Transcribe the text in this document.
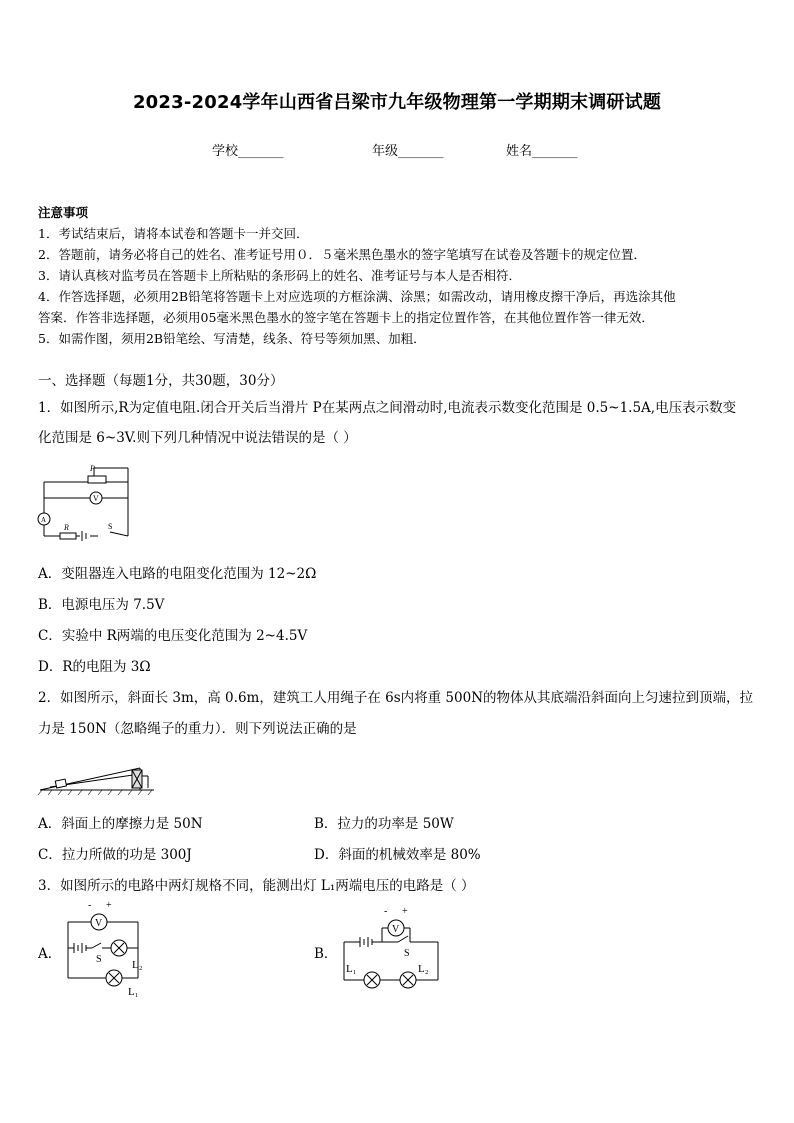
2023-2024学年山西省吕梁市九年级物理第一学期期末调研试题
学校_______	年级_______	姓名_______
注意事项
1．考试结束后，请将本试卷和答题卡一并交回．
2．答题前，请务必将自己的姓名、准考证号用０．５毫米黑色墨水的签字笔填写在试卷及答题卡的规定位置．
3．请认真核对监考员在答题卡上所粘贴的条形码上的姓名、准考证号与本人是否相符．
4．作答选择题，必须用2B铅笔将答题卡上对应选项的方框涂满、涂黑；如需改动，请用橡皮擦干净后，再选涂其他
答案．作答非选择题，必须用05毫米黑色墨水的签字笔在答题卡上的指定位置作答，在其他位置作答一律无效．
5．如需作图，须用2B铅笔绘、写清楚，线条、符号等须加黑、加粗．
一、选择题（每题1分，共30题，30分）
1．如图所示,R为定值电阻.闭合开关后当滑片 P在某两点之间滑动时,电流表示数变化范围是 0.5~1.5A,电压表示数变
化范围是 6~3V.则下列几种情况中说法错误的是（ ）
P
V
A
R	S
A．变阻器连入电路的电阻变化范围为 12~2Ω
B．电源电压为 7.5V
C．实验中 R两端的电压变化范围为 2~4.5V
D．R的电阻为 3Ω
2．如图所示，斜面长 3m，高 0.6m，建筑工人用绳子在 6s内将重 500N的物体从其底端沿斜面向上匀速拉到顶端，拉
力是 150N（忽略绳子的重力）．则下列说法正确的是
A．斜面上的摩擦力是 50N	B．拉力的功率是 50W
C．拉力所做的功是 300J	D．斜面的机械效率是 80%
3．如图所示的电路中两灯规格不同，能测出灯 L₁两端电压的电路是（ ）
A．
- +
V
S	L₂
L₁
B．
- +
V
S
L₁	L₂
